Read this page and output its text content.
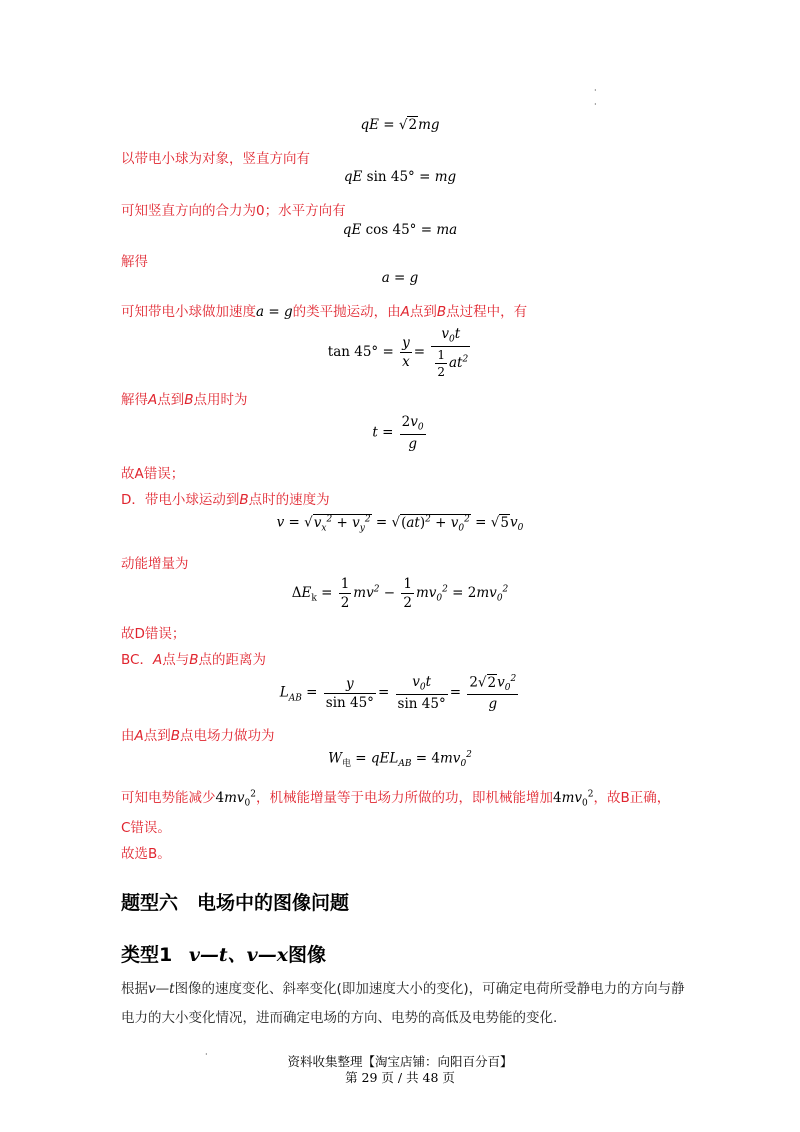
·
·
qE = √2mg
以带电小球为对象，竖直方向有
qE sin 45° = mg
可知竖直方向的合力为0；水平方向有
qE cos 45° = ma
解得
a = g
可知带电小球做加速度a = g的类平抛运动，由A点到B点过程中，有
$\tan 45^\circ = \frac{y}{x} = \frac{v_0t}{\frac{1}{2} at^2}$
解得A点到B点用时为
$t = \frac{2v_0}{g}$
故A错误；
D．带电小球运动到B点时的速度为
$v = √v_x^2 + v_y^2 = √(at)^2 + v_0^2 = √5v_0$
动能增量为
$\Delta E_k = \frac{1}{2} mv^2 - \frac{1}{2} mv_0^2 = 2mv_0^2$
故D错误；
BC．A点与B点的距离为
$L_{AB} = \frac{y}{\sin 45^\circ} = \frac{v_0t}{\sin 45^\circ} = \frac{2√2v_0^2}{g}$
由A点到B点电场力做功为
$W_电 = qEL_{AB} = 4mv_0^2$
可知电势能减少$4mv_0^2$，机械能增量等于电场力所做的功，即机械能增加$4mv_0^2$，故B正确，
C错误。
故选B。
题型六　电场中的图像问题
类型1 v—t、v—x图像
根据v—t图像的速度变化、斜率变化(即加速度大小的变化)，可确定电荷所受静电力的方向与静电力的大小变化情况，进而确定电场的方向、电势的高低及电势能的变化.
·	资料收集整理【淘宝店铺：向阳百分百】
第 29 页 / 共 48 页
